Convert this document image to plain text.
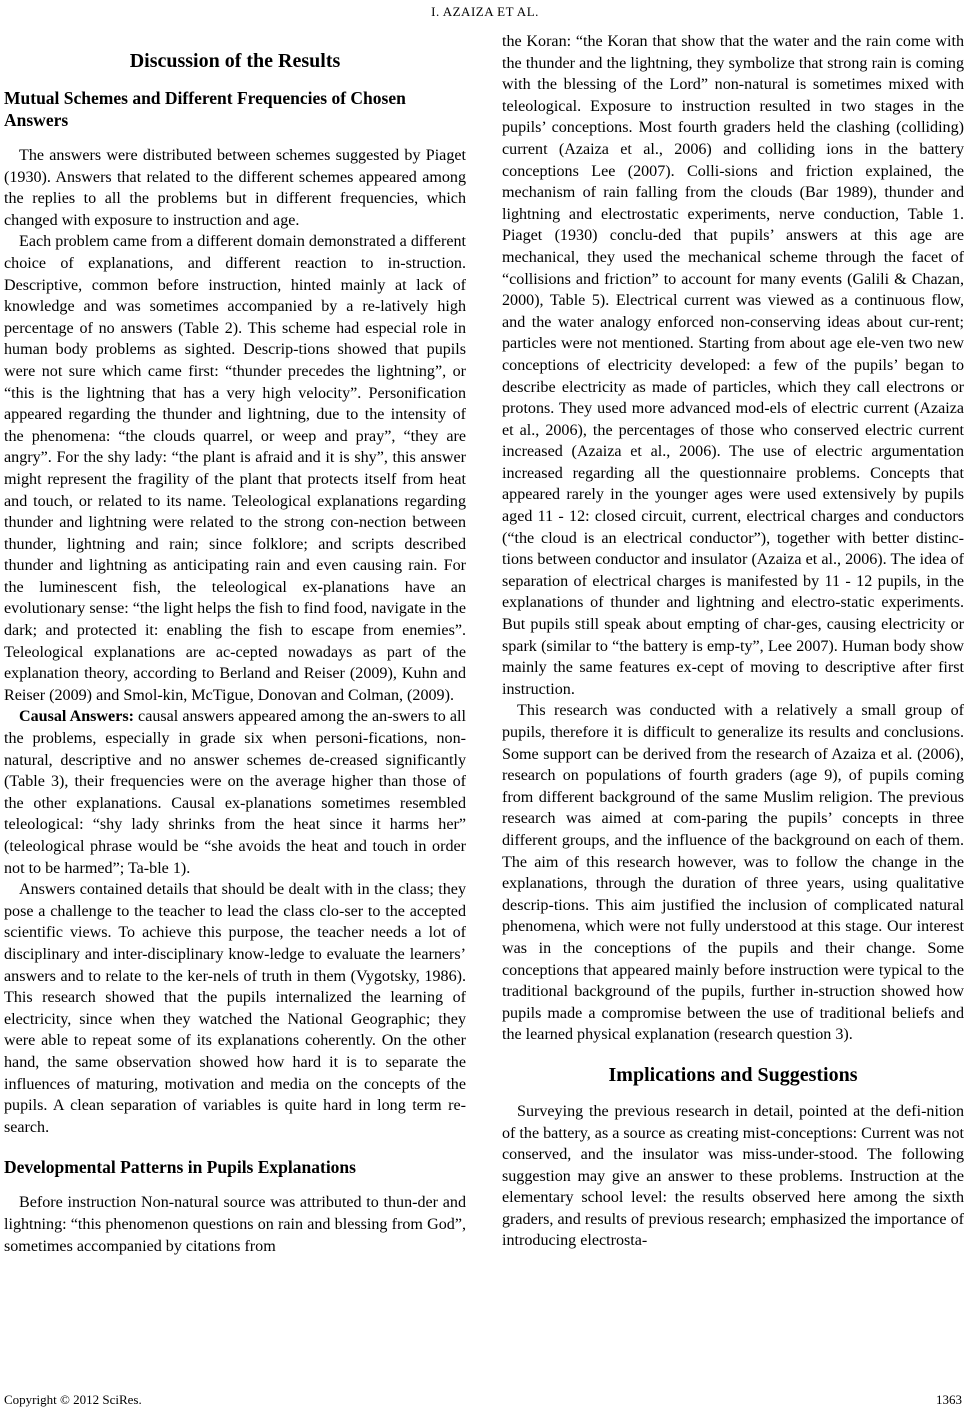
I. AZAIZA ET AL.
Discussion of the Results
Mutual Schemes and Different Frequencies of Chosen Answers

The answers were distributed between schemes suggested by Piaget (1930). Answers that related to the different schemes appeared among the replies to all the problems but in different frequencies, which changed with exposure to instruction and age.

Each problem came from a different domain demonstrated a different choice of explanations, and different reaction to in-struction. Descriptive, common before instruction, hinted mainly at lack of knowledge and was sometimes accompanied by a re-latively high percentage of no answers (Table 2). This scheme had especial role in human body problems as sighted. Descrip-tions showed that pupils were not sure which came first: “thunder precedes the lightning”, or “this is the lightning that has a very high velocity”. Personification appeared regarding the thunder and lightning, due to the intensity of the phenomena: “the clouds quarrel, or weep and pray”, “they are angry”. For the shy lady: “the plant is afraid and it is shy”, this answer might represent the fragility of the plant that protects itself from heat and touch, or related to its name. Teleological explanations regarding thunder and lightning were related to the strong con-nection between thunder, lightning and rain; since folklore; and scripts described thunder and lightning as anticipating rain and even causing rain. For the luminescent fish, the teleological ex-planations have an evolutionary sense: “the light helps the fish to find food, navigate in the dark; and protected it: enabling the fish to escape from enemies”. Teleological explanations are ac-cepted nowadays as part of the explanation theory, according to Berland and Reiser (2009), Kuhn and Reiser (2009) and Smol-kin, McTigue, Donovan and Colman, (2009).

Causal Answers: causal answers appeared among the an-swers to all the problems, especially in grade six when personi-fications, non-natural, descriptive and no answer schemes de-creased significantly (Table 3), their frequencies were on the average higher than those of the other explanations. Causal ex-planations sometimes resembled teleological: “shy lady shrinks from the heat since it harms her” (teleological phrase would be “she avoids the heat and touch in order not to be harmed”; Ta-ble 1).

Answers contained details that should be dealt with in the class; they pose a challenge to the teacher to lead the class clo-ser to the accepted scientific views. To achieve this purpose, the teacher needs a lot of disciplinary and inter-disciplinary know-ledge to evaluate the learners’ answers and to relate to the ker-nels of truth in them (Vygotsky, 1986). This research showed that the pupils internalized the learning of electricity, since when they watched the National Geographic; they were able to repeat some of its explanations coherently. On the other hand, the same observation showed how hard it is to separate the influences of maturing, motivation and media on the concepts of the pupils. A clean separation of variables is quite hard in long term re-search.

Developmental Patterns in Pupils Explanations

Before instruction Non-natural source was attributed to thun-der and lightning: “this phenomenon questions on rain and blessing from God”, sometimes accompanied by citations from

the Koran: “the Koran that show that the water and the rain come with the thunder and the lightning, they symbolize that strong rain is coming with the blessing of the Lord” non-natural is sometimes mixed with teleological. Exposure to instruction resulted in two stages in the pupils’ conceptions. Most fourth graders held the clashing (colliding) current (Azaiza et al., 2006) and colliding ions in the battery conceptions Lee (2007). Colli-sions and friction explained, the mechanism of rain falling from the clouds (Bar 1989), thunder and lightning and electrostatic experiments, nerve conduction, Table 1. Piaget (1930) conclu-ded that pupils’ answers at this age are mechanical, they used the mechanical scheme through the facet of “collisions and friction” to account for many events (Galili & Chazan, 2000), Table 5). Electrical current was viewed as a continuous flow, and the water analogy enforced non-conserving ideas about cur-rent; particles were not mentioned. Starting from about age ele-ven two new conceptions of electricity developed: a few of the pupils’ began to describe electricity as made of particles, which they call electrons or protons. They used more advanced mod-els of electric current (Azaiza et al., 2006), the percentages of those who conserved electric current increased (Azaiza et al., 2006). The use of electric argumentation increased regarding all the questionnaire problems. Concepts that appeared rarely in the younger ages were used extensively by pupils aged 11 - 12: closed circuit, current, electrical charges and conductors (“the cloud is an electrical conductor”), together with better distinc-tions between conductor and insulator (Azaiza et al., 2006). The idea of separation of electrical charges is manifested by 11 - 12 pupils, in the explanations of thunder and lightning and electro-static experiments. But pupils still speak about empting of char-ges, causing electricity or spark (similar to “the battery is emp-ty”, Lee 2007). Human body show mainly the same features ex-cept of moving to descriptive after first instruction.

This research was conducted with a relatively a small group of pupils, therefore it is difficult to generalize its results and conclusions. Some support can be derived from the research of Azaiza et al. (2006), research on populations of fourth graders (age 9), of pupils coming from different background of the same Muslim religion. The previous research was aimed at com-paring the pupils’ concepts in three different groups, and the influence of the background on each of them. The aim of this research however, was to follow the change in the explanations, through the duration of three years, using qualitative descrip-tions. This aim justified the inclusion of complicated natural phenomena, which were not fully understood at this stage. Our interest was in the conceptions of the pupils and their change. Some conceptions that appeared mainly before instruction were typical to the traditional background of the pupils, further in-struction showed how pupils made a compromise between the use of traditional beliefs and the learned physical explanation (research question 3).

Implications and Suggestions

Surveying the previous research in detail, pointed at the defi-nition of the battery, as a source as creating mist-conceptions: Current was not conserved, and the insulator was miss-under-stood. The following suggestion may give an answer to these problems. Instruction at the elementary school level: the results observed here among the sixth graders, and results of previous research; emphasized the importance of introducing electrosta-

Copyright © 2012 SciRes.	1363
